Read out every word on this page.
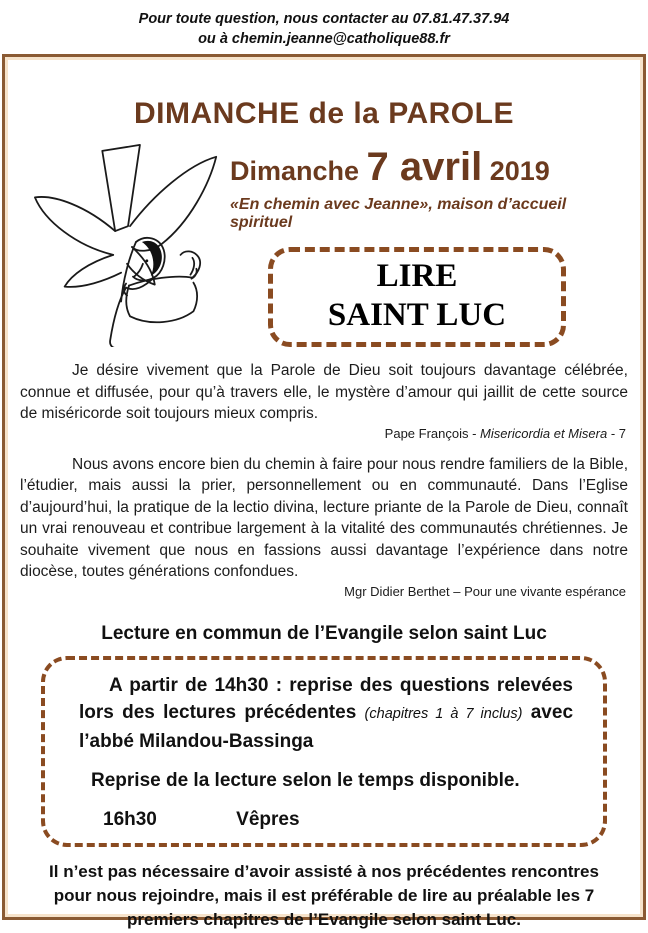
Pour toute question, nous contacter au 07.81.47.37.94
ou à chemin.jeanne@catholique88.fr
DIMANCHE de la PAROLE
Dimanche 7 avril 2019
«En chemin avec Jeanne», maison d’accueil spirituel
LIRE
SAINT LUC

Je désire vivement que la Parole de Dieu soit toujours davantage célébrée, connue et diffusée, pour qu’à travers elle, le mystère d’amour qui jaillit de cette source de miséricorde soit toujours mieux compris.

Pape François - Misericordia et Misera - 7

Nous avons encore bien du chemin à faire pour nous rendre familiers de la Bible, l’étudier, mais aussi la prier, personnellement ou en communauté. Dans l’Eglise d’aujourd’hui, la pratique de la lectio divina, lecture priante de la Parole de Dieu, connaît un vrai renouveau et contribue largement à la vitalité des communautés chrétiennes. Je souhaite vivement que nous en fassions aussi davantage l’expérience dans notre diocèse, toutes générations confondues.

Mgr Didier Berthet – Pour une vivante espérance
Lecture en commun de l’Evangile selon saint Luc

A partir de 14h30 : reprise des questions relevées lors des lectures précédentes (chapitres 1 à 7 inclus) avec l’abbé Milandou-Bassinga

Reprise de la lecture selon le temps disponible.

16h30	Vêpres

Il n’est pas nécessaire d’avoir assisté à nos précédentes rencontres pour nous rejoindre, mais il est préférable de lire au préalable les 7 premiers chapitres de l’Evangile selon saint Luc.
